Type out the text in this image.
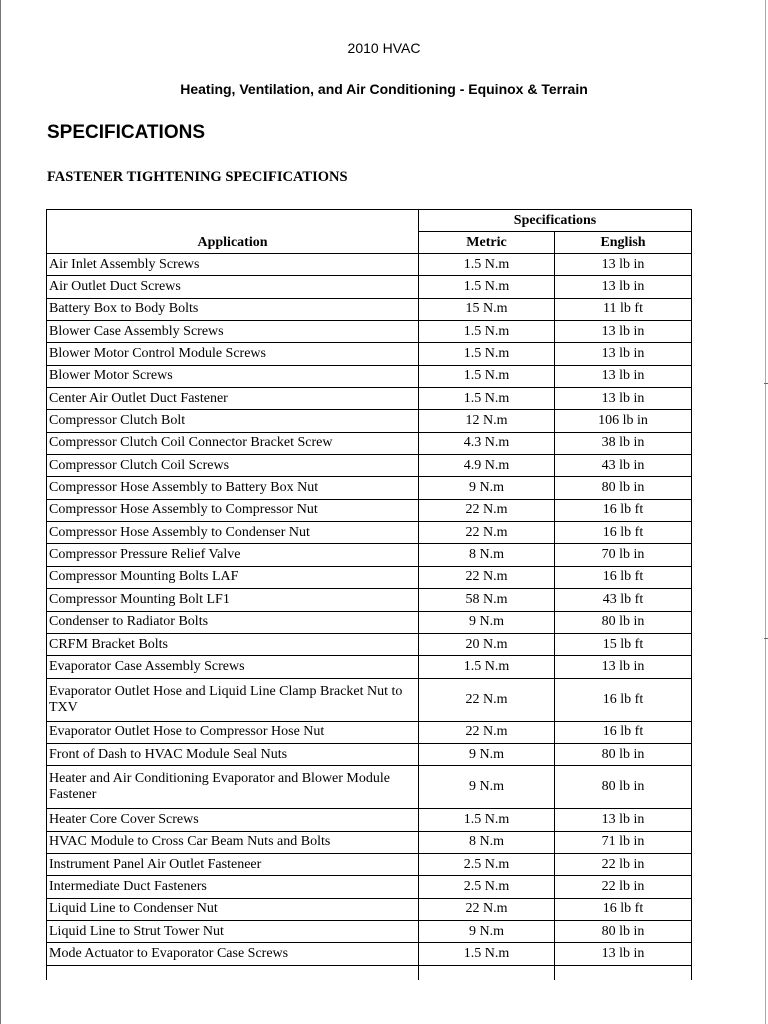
2010 HVAC
Heating, Ventilation, and Air Conditioning - Equinox & Terrain
SPECIFICATIONS
FASTENER TIGHTENING SPECIFICATIONS
Application	Specifications	
	Metric	English
Air Inlet Assembly Screws	1.5 N.m	13 lb in
Air Outlet Duct Screws	1.5 N.m	13 lb in
Battery Box to Body Bolts	15 N.m	11 lb ft
Blower Case Assembly Screws	1.5 N.m	13 lb in
Blower Motor Control Module Screws	1.5 N.m	13 lb in
Blower Motor Screws	1.5 N.m	13 lb in
Center Air Outlet Duct Fastener	1.5 N.m	13 lb in
Compressor Clutch Bolt	12 N.m	106 lb in
Compressor Clutch Coil Connector Bracket Screw	4.3 N.m	38 lb in
Compressor Clutch Coil Screws	4.9 N.m	43 lb in
Compressor Hose Assembly to Battery Box Nut	9 N.m	80 lb in
Compressor Hose Assembly to Compressor Nut	22 N.m	16 lb ft
Compressor Hose Assembly to Condenser Nut	22 N.m	16 lb ft
Compressor Pressure Relief Valve	8 N.m	70 lb in
Compressor Mounting Bolts LAF	22 N.m	16 lb ft
Compressor Mounting Bolt LF1	58 N.m	43 lb ft
Condenser to Radiator Bolts	9 N.m	80 lb in
CRFM Bracket Bolts	20 N.m	15 lb ft
Evaporator Case Assembly Screws	1.5 N.m	13 lb in
Evaporator Outlet Hose and Liquid Line Clamp Bracket Nut to TXV	22 N.m	16 lb ft
Evaporator Outlet Hose to Compressor Hose Nut	22 N.m	16 lb ft
Front of Dash to HVAC Module Seal Nuts	9 N.m	80 lb in
Heater and Air Conditioning Evaporator and Blower Module Fastener	9 N.m	80 lb in
Heater Core Cover Screws	1.5 N.m	13 lb in
HVAC Module to Cross Car Beam Nuts and Bolts	8 N.m	71 lb in
Instrument Panel Air Outlet Fasteneer	2.5 N.m	22 lb in
Intermediate Duct Fasteners	2.5 N.m	22 lb in
Liquid Line to Condenser Nut	22 N.m	16 lb ft
Liquid Line to Strut Tower Nut	9 N.m	80 lb in
Mode Actuator to Evaporator Case Screws	1.5 N.m	13 lb in
